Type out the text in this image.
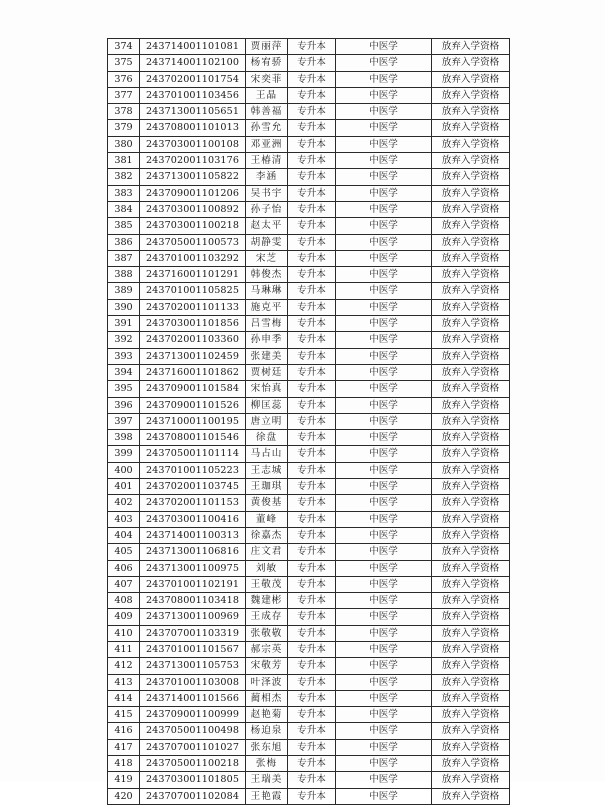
374	243714001101081	贾丽萍	专升本	中医学	放弃入学资格
375	243714001102100	杨宥骄	专升本	中医学	放弃入学资格
376	243702001101754	宋奕菲	专升本	中医学	放弃入学资格
377	243701001103456	王晶	专升本	中医学	放弃入学资格
378	243713001105651	韩善福	专升本	中医学	放弃入学资格
379	243708001101013	孙雪允	专升本	中医学	放弃入学资格
380	243703001100108	邓亚洲	专升本	中医学	放弃入学资格
381	243702001103176	王椿清	专升本	中医学	放弃入学资格
382	243713001105822	李涵	专升本	中医学	放弃入学资格
383	243709001101206	吴书宇	专升本	中医学	放弃入学资格
384	243703001100892	孙子怡	专升本	中医学	放弃入学资格
385	243703001100218	赵太平	专升本	中医学	放弃入学资格
386	243705001100573	胡静雯	专升本	中医学	放弃入学资格
387	243701001103292	宋芝	专升本	中医学	放弃入学资格
388	243716001101291	韩俊杰	专升本	中医学	放弃入学资格
389	243701001105825	马琳琳	专升本	中医学	放弃入学资格
390	243702001101133	施克平	专升本	中医学	放弃入学资格
391	243703001101856	吕雪梅	专升本	中医学	放弃入学资格
392	243702001103360	孙申季	专升本	中医学	放弃入学资格
393	243713001102459	张建美	专升本	中医学	放弃入学资格
394	243716001101862	贾树廷	专升本	中医学	放弃入学资格
395	243709001101584	宋怡真	专升本	中医学	放弃入学资格
396	243709001101526	柳匡蕊	专升本	中医学	放弃入学资格
397	243710001100195	唐立明	专升本	中医学	放弃入学资格
398	243708001101546	徐盘	专升本	中医学	放弃入学资格
399	243705001101114	马占山	专升本	中医学	放弃入学资格
400	243701001105223	王志城	专升本	中医学	放弃入学资格
401	243702001103745	王珈琪	专升本	中医学	放弃入学资格
402	243702001101153	黄俊基	专升本	中医学	放弃入学资格
403	243703001100416	董峰	专升本	中医学	放弃入学资格
404	243714001100313	徐嘉杰	专升本	中医学	放弃入学资格
405	243713001106816	庄文君	专升本	中医学	放弃入学资格
406	243713001100975	刘敏	专升本	中医学	放弃入学资格
407	243701001102191	王敬茂	专升本	中医学	放弃入学资格
408	243708001103418	魏建彬	专升本	中医学	放弃入学资格
409	243713001100969	王成存	专升本	中医学	放弃入学资格
410	243707001103319	张敬敬	专升本	中医学	放弃入学资格
411	243701001101567	郝宗英	专升本	中医学	放弃入学资格
412	243713001105753	宋敬芳	专升本	中医学	放弃入学资格
413	243701001103008	叶泽波	专升本	中医学	放弃入学资格
414	243714001101566	蔺相杰	专升本	中医学	放弃入学资格
415	243709001100999	赵艳菊	专升本	中医学	放弃入学资格
416	243705001100498	杨迫泉	专升本	中医学	放弃入学资格
417	243707001101027	张东旭	专升本	中医学	放弃入学资格
418	243705001100218	张梅	专升本	中医学	放弃入学资格
419	243703001101805	王瑞美	专升本	中医学	放弃入学资格
420	243707001102084	王艳霞	专升本	中医学	放弃入学资格
